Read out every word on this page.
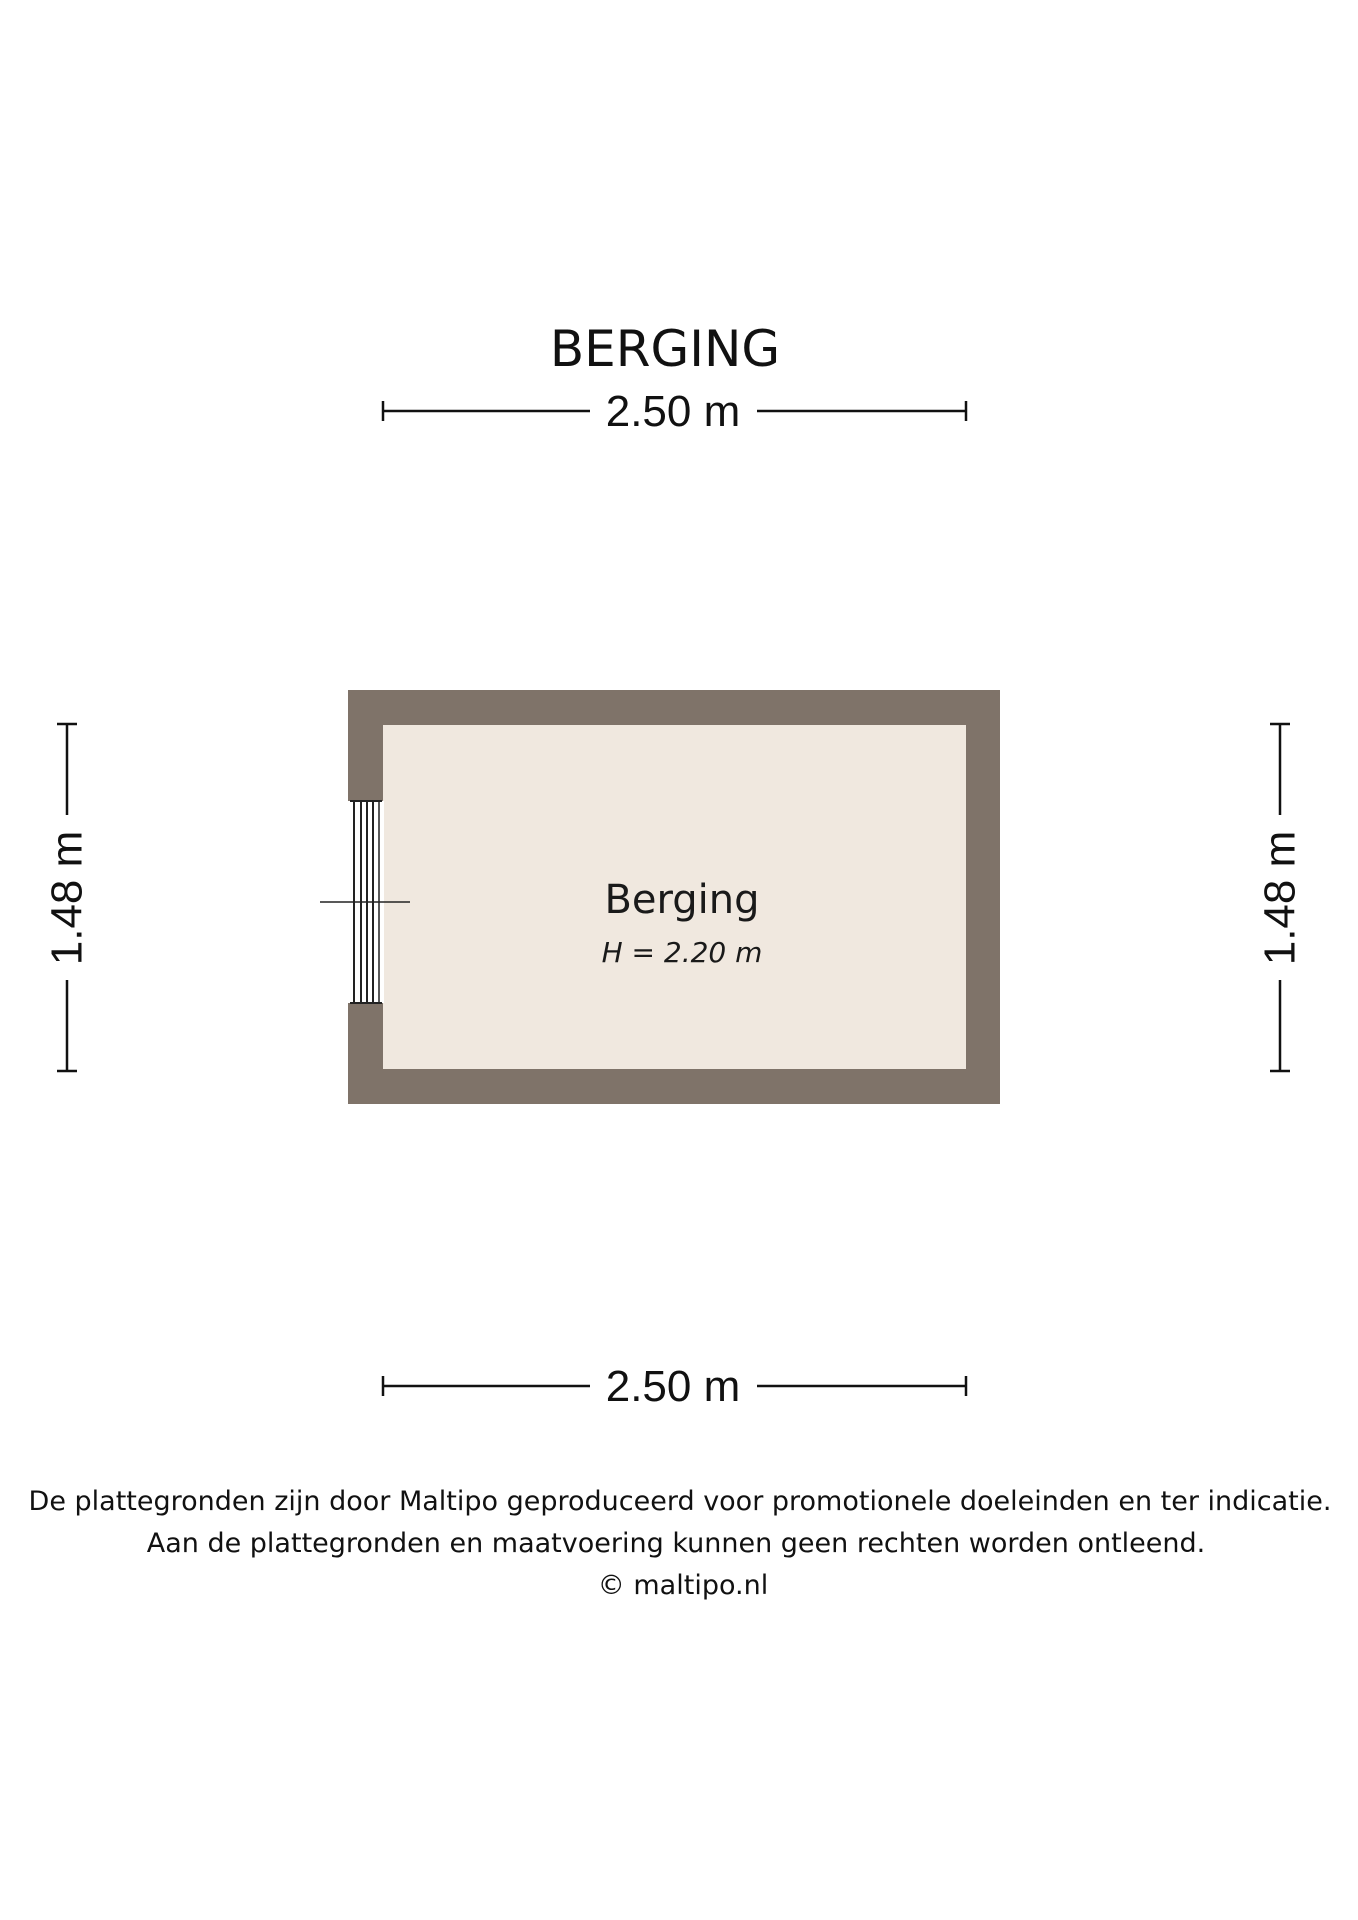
BERGING
2.50 m
1.48 m	1.48 m
Berging
H = 2.20 m
2.50 m
De plattegronden zijn door Maltipo geproduceerd voor promotionele doeleinden en ter indicatie.
Aan de plattegronden en maatvoering kunnen geen rechten worden ontleend.
© maltipo.nl
